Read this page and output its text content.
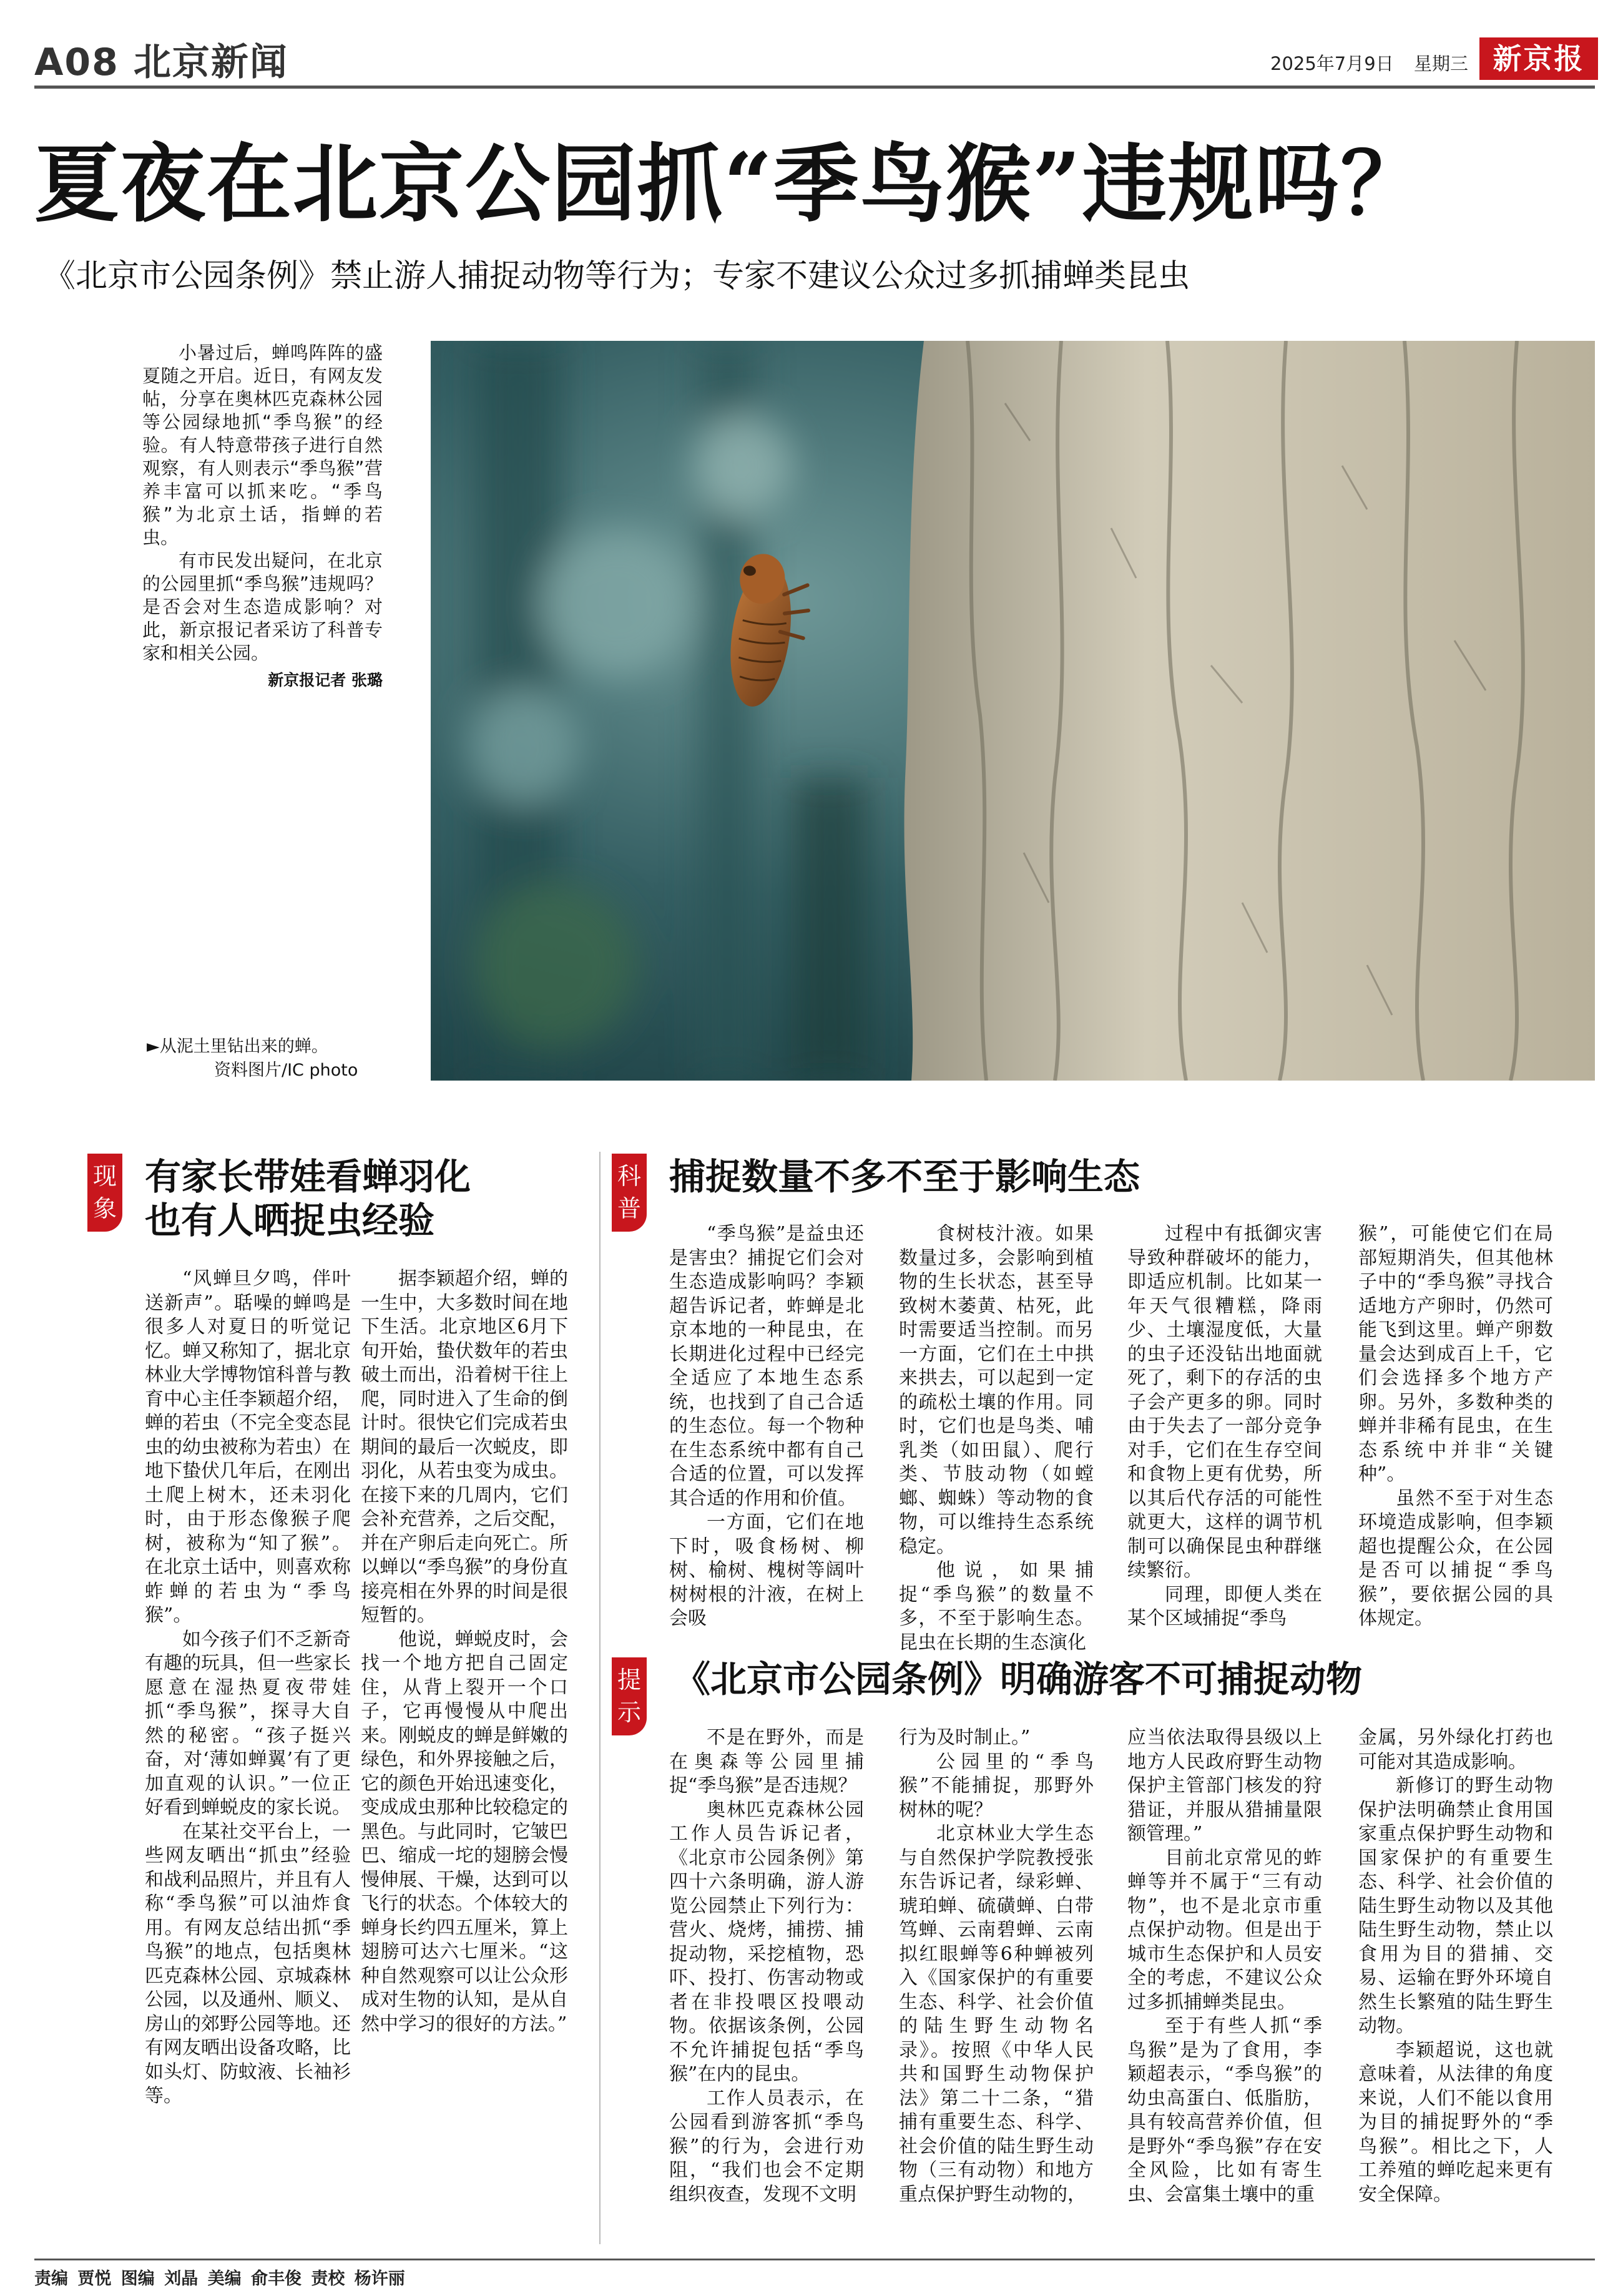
A08 北京新闻	2025年7月9日 星期三 新京报
夏夜在北京公园抓“季鸟猴”违规吗？
《北京市公园条例》禁止游人捕捉动物等行为；专家不建议公众过多抓捕蝉类昆虫

小暑过后，蝉鸣阵阵的盛夏随之开启。近日，有网友发帖，分享在奥林匹克森林公园等公园绿地抓“季鸟猴”的经验。有人特意带孩子进行自然观察，有人则表示“季鸟猴”营养丰富可以抓来吃。“季鸟猴”为北京土话，指蝉的若虫。

有市民发出疑问，在北京的公园里抓“季鸟猴”违规吗？是否会对生态造成影响？对此，新京报记者采访了科普专家和相关公园。

新京报记者 张璐
►从泥土里钻出来的蝉。
资料图片/IC photo
现象
有家长带娃看蝉羽化
也有人晒捉虫经验

“风蝉旦夕鸣，伴叶送新声”。聒噪的蝉鸣是很多人对夏日的听觉记忆。蝉又称知了，据北京林业大学博物馆科普与教育中心主任李颖超介绍，蝉的若虫（不完全变态昆虫的幼虫被称为若虫）在地下蛰伏几年后，在刚出土爬上树木，还未羽化时，由于形态像猴子爬树，被称为“知了猴”。在北京土话中，则喜欢称蚱蝉的若虫为“季鸟猴”。

如今孩子们不乏新奇有趣的玩具，但一些家长愿意在湿热夏夜带娃抓“季鸟猴”，探寻大自然的秘密。“孩子挺兴奋，对‘薄如蝉翼’有了更加直观的认识。”一位正好看到蝉蜕皮的家长说。

在某社交平台上，一些网友晒出“抓虫”经验和战利品照片，并且有人称“季鸟猴”可以油炸食用。有网友总结出抓“季鸟猴”的地点，包括奥林匹克森林公园、京城森林公园，以及通州、顺义、房山的郊野公园等地。还有网友晒出设备攻略，比如头灯、防蚊液、长袖衫等。

据李颖超介绍，蝉的一生中，大多数时间在地下生活。北京地区6月下旬开始，蛰伏数年的若虫破土而出，沿着树干往上爬，同时进入了生命的倒计时。很快它们完成若虫期间的最后一次蜕皮，即羽化，从若虫变为成虫。在接下来的几周内，它们会补充营养，之后交配，并在产卵后走向死亡。所以蝉以“季鸟猴”的身份直接亮相在外界的时间是很短暂的。

他说，蝉蜕皮时，会找一个地方把自己固定住，从背上裂开一个口子，它再慢慢从中爬出来。刚蜕皮的蝉是鲜嫩的绿色，和外界接触之后，它的颜色开始迅速变化，变成成虫那种比较稳定的黑色。与此同时，它皱巴巴、缩成一坨的翅膀会慢慢伸展、干燥，达到可以飞行的状态。个体较大的蝉身长约四五厘米，算上翅膀可达六七厘米。“这种自然观察可以让公众形成对生物的认知，是从自然中学习的很好的方法。”

科普
捕捉数量不多不至于影响生态

“季鸟猴”是益虫还是害虫？捕捉它们会对生态造成影响吗？李颖超告诉记者，蚱蝉是北京本地的一种昆虫，在长期进化过程中已经完全适应了本地生态系统，也找到了自己合适的生态位。每一个物种在生态系统中都有自己合适的位置，可以发挥其合适的作用和价值。

一方面，它们在地下时，吸食杨树、柳树、榆树、槐树等阔叶树树根的汁液，在树上会吸

食树枝汁液。如果数量过多，会影响到植物的生长状态，甚至导致树木萎黄、枯死，此时需要适当控制。而另一方面，它们在土中拱来拱去，可以起到一定的疏松土壤的作用。同时，它们也是鸟类、哺乳类（如田鼠）、爬行类、节肢动物（如螳螂、蜘蛛）等动物的食物，可以维持生态系统稳定。

他说，如果捕捉“季鸟猴”的数量不多，不至于影响生态。昆虫在长期的生态演化

过程中有抵御灾害导致种群破坏的能力，即适应机制。比如某一年天气很糟糕，降雨少、土壤湿度低，大量的虫子还没钻出地面就死了，剩下的存活的虫子会产更多的卵。同时由于失去了一部分竞争对手，它们在生存空间和食物上更有优势，所以其后代存活的可能性就更大，这样的调节机制可以确保昆虫种群继续繁衍。

同理，即便人类在某个区域捕捉“季鸟

猴”，可能使它们在局部短期消失，但其他林子中的“季鸟猴”寻找合适地方产卵时，仍然可能飞到这里。蝉产卵数量会达到成百上千，它们会选择多个地方产卵。另外，多数种类的蝉并非稀有昆虫，在生态系统中并非“关键种”。

虽然不至于对生态环境造成影响，但李颖超也提醒公众，在公园是否可以捕捉“季鸟猴”，要依据公园的具体规定。

提示
《北京市公园条例》明确游客不可捕捉动物

不是在野外，而是在奥森等公园里捕捉“季鸟猴”是否违规？

奥林匹克森林公园工作人员告诉记者，《北京市公园条例》第四十六条明确，游人游览公园禁止下列行为：营火、烧烤，捕捞、捕捉动物，采挖植物，恐吓、投打、伤害动物或者在非投喂区投喂动物。依据该条例，公园不允许捕捉包括“季鸟猴”在内的昆虫。

工作人员表示，在公园看到游客抓“季鸟猴”的行为，会进行劝阻，“我们也会不定期组织夜查，发现不文明

行为及时制止。”

公园里的“季鸟猴”不能捕捉，那野外树林的呢？

北京林业大学生态与自然保护学院教授张东告诉记者，绿彩蝉、琥珀蝉、硫磺蝉、白带笃蝉、云南碧蝉、云南拟红眼蝉等6种蝉被列入《国家保护的有重要生态、科学、社会价值的陆生野生动物名录》。按照《中华人民共和国野生动物保护法》第二十二条，“猎捕有重要生态、科学、社会价值的陆生野生动物（三有动物）和地方重点保护野生动物的，

应当依法取得县级以上地方人民政府野生动物保护主管部门核发的狩猎证，并服从猎捕量限额管理。”

目前北京常见的蚱蝉等并不属于“三有动物”，也不是北京市重点保护动物。但是出于城市生态保护和人员安全的考虑，不建议公众过多抓捕蝉类昆虫。

至于有些人抓“季鸟猴”是为了食用，李颖超表示，“季鸟猴”的幼虫高蛋白、低脂肪，具有较高营养价值，但是野外“季鸟猴”存在安全风险，比如有寄生虫、会富集土壤中的重

金属，另外绿化打药也可能对其造成影响。

新修订的野生动物保护法明确禁止食用国家重点保护野生动物和国家保护的有重要生态、科学、社会价值的陆生野生动物以及其他陆生野生动物，禁止以食用为目的猎捕、交易、运输在野外环境自然生长繁殖的陆生野生动物。

李颖超说，这也就意味着，从法律的角度来说，人们不能以食用为目的捕捉野外的“季鸟猴”。相比之下，人工养殖的蝉吃起来更有安全保障。

责编 贾悦 图编 刘晶 美编 俞丰俊 责校 杨许丽
